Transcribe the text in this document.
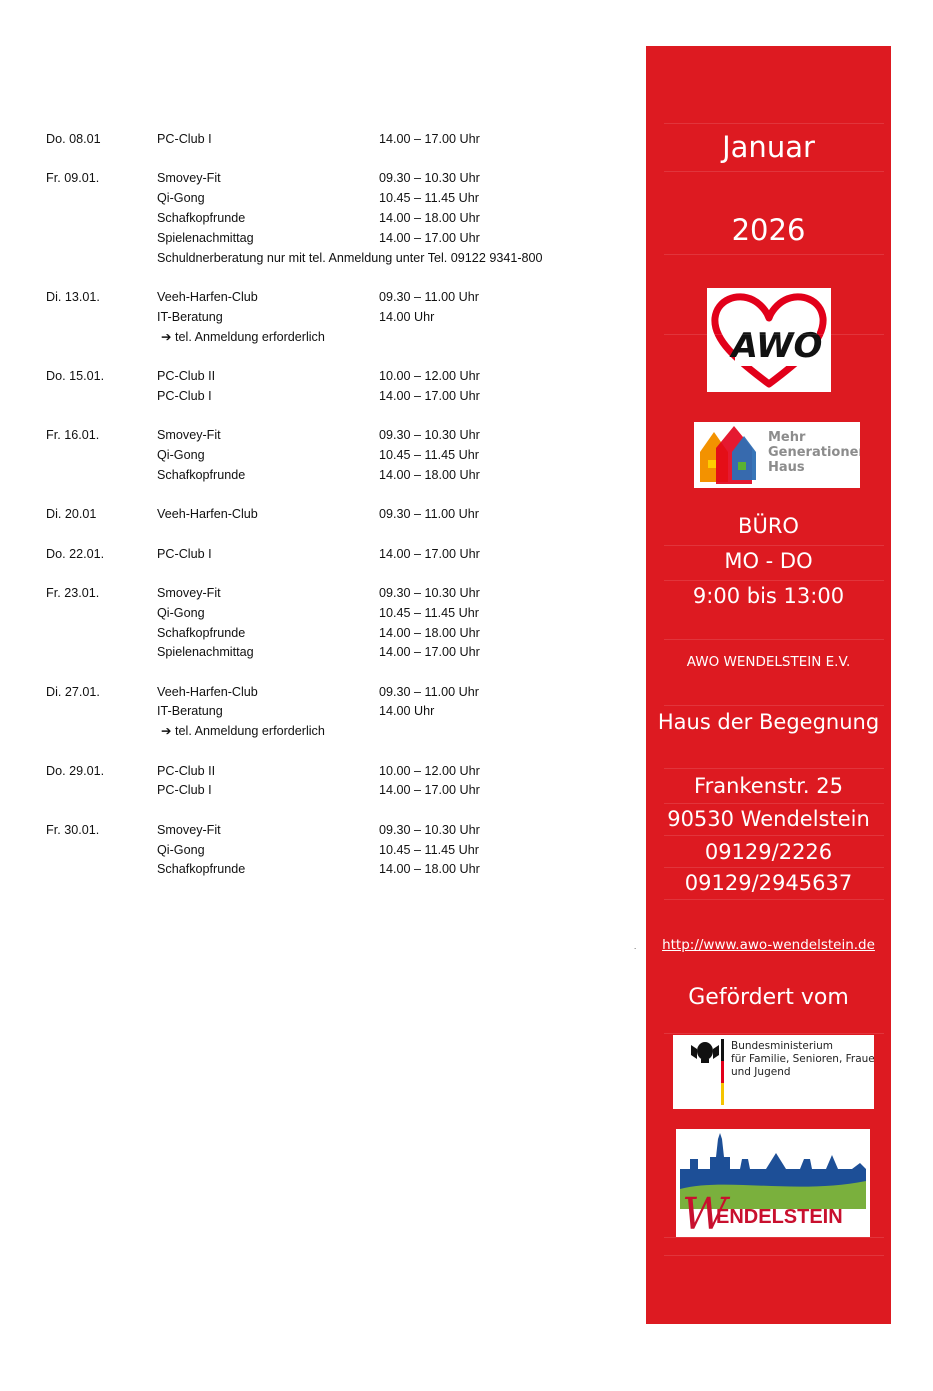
Do. 08.01	PC-Club I	14.00 – 17.00 Uhr
Fr. 09.01.	Smovey-Fit	09.30 – 10.30 Uhr
Qi-Gong	10.45 – 11.45 Uhr
Schafkopfrunde	14.00 – 18.00 Uhr
Spielenachmittag	14.00 – 17.00 Uhr
Schuldnerberatung nur mit tel. Anmeldung unter Tel. 09122 9341-800
Di. 13.01.	Veeh-Harfen-Club	09.30 – 11.00 Uhr
IT-Beratung	14.00 Uhr
➔ tel. Anmeldung erforderlich
Do. 15.01.	PC-Club II	10.00 – 12.00 Uhr
PC-Club I	14.00 – 17.00 Uhr
Fr. 16.01.	Smovey-Fit	09.30 – 10.30 Uhr
Qi-Gong	10.45 – 11.45 Uhr
Schafkopfrunde	14.00 – 18.00 Uhr
Di. 20.01	Veeh-Harfen-Club	09.30 – 11.00 Uhr
Do. 22.01.	PC-Club I	14.00 – 17.00 Uhr
Fr. 23.01.	Smovey-Fit	09.30 – 10.30 Uhr
Qi-Gong	10.45 – 11.45 Uhr
Schafkopfrunde	14.00 – 18.00 Uhr
Spielenachmittag	14.00 – 17.00 Uhr
Di. 27.01.	Veeh-Harfen-Club	09.30 – 11.00 Uhr
IT-Beratung	14.00 Uhr
➔ tel. Anmeldung erforderlich
Do. 29.01.	PC-Club II	10.00 – 12.00 Uhr
PC-Club I	14.00 – 17.00 Uhr
Fr. 30.01.	Smovey-Fit	09.30 – 10.30 Uhr
Qi-Gong	10.45 – 11.45 Uhr
Schafkopfrunde	14.00 – 18.00 Uhr
Januar
2026
AWO
Mehr
Generationen
Haus
BÜRO
MO - DO
9:00 bis 13:00
AWO WENDELSTEIN E.V.
Haus der Begegnung
Frankenstr. 25
90530 Wendelstein
09129/2226
09129/2945637
http://www.awo-wendelstein.de
Gefördert vom
Bundesministerium
für Familie, Senioren, Frauen
und Jugend
W
ENDELSTEIN
.
